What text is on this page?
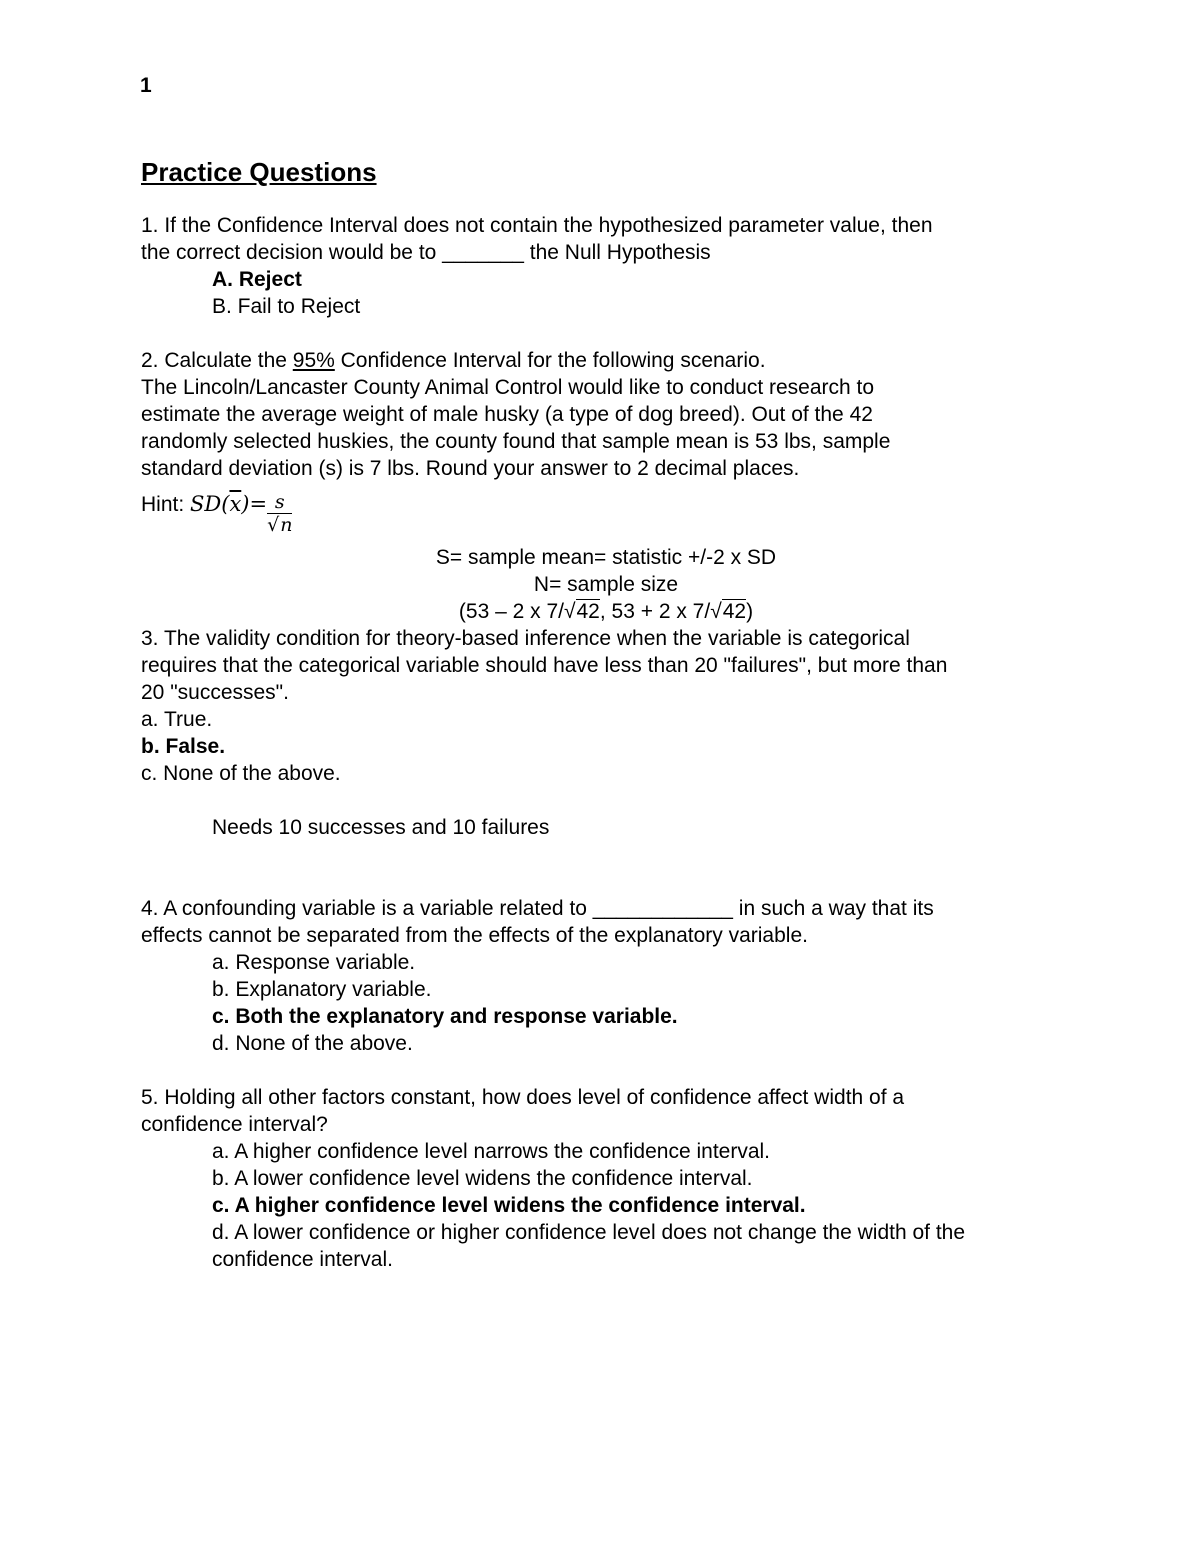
1
Practice Questions
1. If the Confidence Interval does not contain the hypothesized parameter value, then
the correct decision would be to _______ the Null Hypothesis
A. Reject
B. Fail to Reject
2. Calculate the 95% Confidence Interval for the following scenario.
The Lincoln/Lancaster County Animal Control would like to conduct research to
estimate the average weight of male husky (a type of dog breed). Out of the 42
randomly selected huskies, the county found that sample mean is 53 lbs, sample
standard deviation (s) is 7 lbs. Round your answer to 2 decimal places.
Hint: $SD(\overline{x})= \frac{s}{√n}$
S= sample mean= statistic +/-2 x SD
N= sample size
(53 – 2 x 7/√42, 53 + 2 x 7/√42)
3. The validity condition for theory-based inference when the variable is categorical
requires that the categorical variable should have less than 20 "failures", but more than
20 "successes".
a. True.
b. False.
c. None of the above.
Needs 10 successes and 10 failures
4. A confounding variable is a variable related to ____________ in such a way that its
effects cannot be separated from the effects of the explanatory variable.
a. Response variable.
b. Explanatory variable.
c. Both the explanatory and response variable.
d. None of the above.
5. Holding all other factors constant, how does level of confidence affect width of a
confidence interval?
a. A higher confidence level narrows the confidence interval.
b. A lower confidence level widens the confidence interval.
c. A higher confidence level widens the confidence interval.
d. A lower confidence or higher confidence level does not change the width of the
confidence interval.
